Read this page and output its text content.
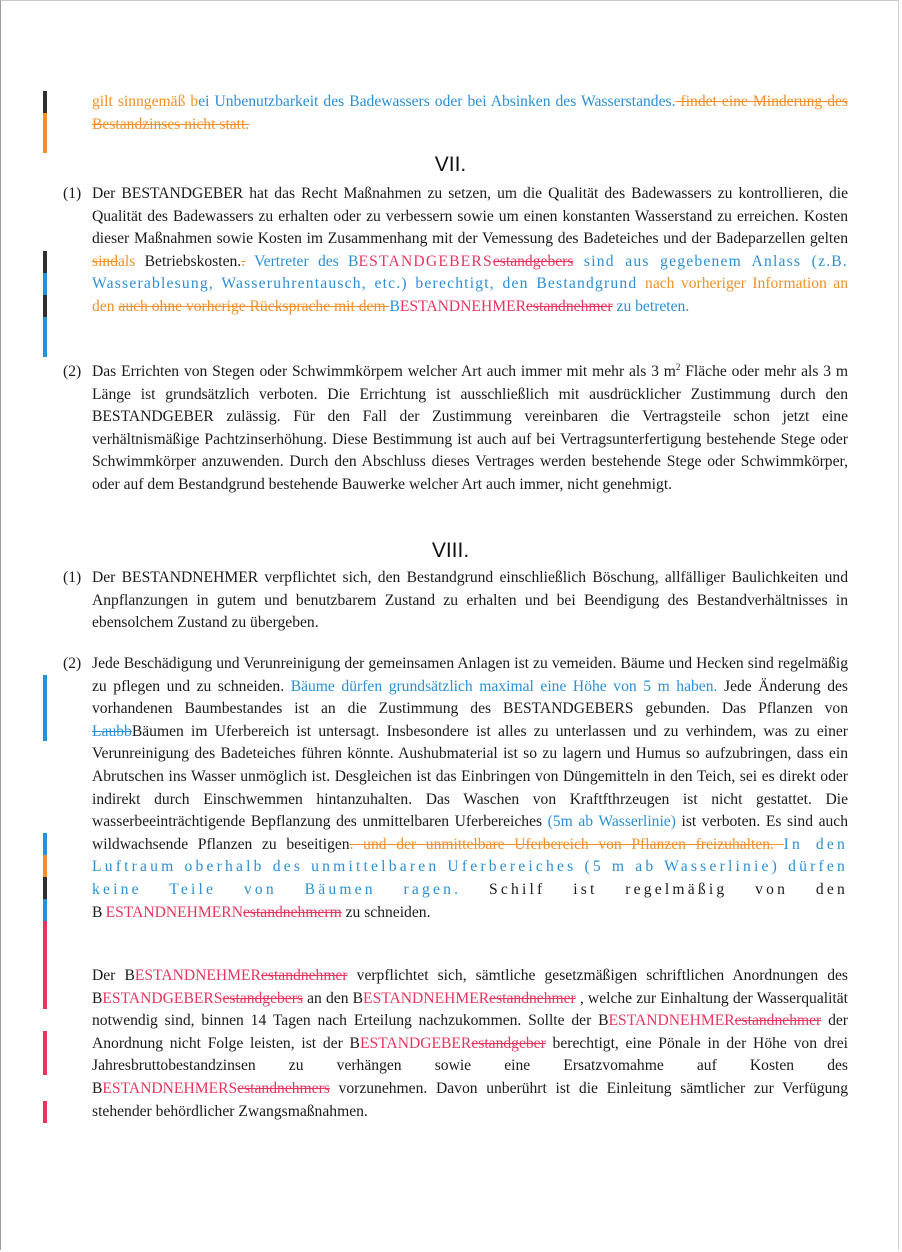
gilt sinngemäß bei Unbenutzbarkeit des Badewassers oder bei Absinken des Wasserstandes. findet eine Minderung des Bestandzinses nicht statt.
VII.
(1) Der BESTANDGEBER hat das Recht Maßnahmen zu setzen, um die Qualität des Badewassers zu kontrollieren, die Qualität des Badewassers zu erhalten oder zu verbessern sowie um einen konstanten Wasserstand zu erreichen. Kosten dieser Maßnahmen sowie Kosten im Zusammenhang mit der Vemessung des Badeteiches und der Badeparzellen gelten sindals Betriebskosten.. Vertreter des BESTANDGEBERSestandgebers sind aus gegebenem Anlass (z.B. Wasserablesung, Wasseruhrentausch, etc.) berechtigt, den Bestandgrund nach vorheriger Information an den auch ohne vorherige Rücksprache mit dem BESTANDNEHMERestandnehmer zu betreten.
(2) Das Errichten von Stegen oder Schwimmkörpem welcher Art auch immer mit mehr als 3 $m^2$ Fläche oder mehr als 3 m Länge ist grundsätzlich verboten. Die Errichtung ist ausschließlich mit ausdrücklicher Zustimmung durch den BESTANDGEBER zulässig. Für den Fall der Zustimmung vereinbaren die Vertragsteile schon jetzt eine verhältnismäßige Pachtzinserhöhung. Diese Bestimmung ist auch auf bei Vertragsunterfertigung bestehende Stege oder Schwimmkörper anzuwenden. Durch den Abschluss dieses Vertrages werden bestehende Stege oder Schwimmkörper, oder auf dem Bestandgrund bestehende Bauwerke welcher Art auch immer, nicht genehmigt.
VIII.
(1) Der BESTANDNEHMER verpflichtet sich, den Bestandgrund einschließlich Böschung, allfälliger Baulichkeiten und Anpflanzungen in gutem und benutzbarem Zustand zu erhalten und bei Beendigung des Bestandverhältnisses in ebensolchem Zustand zu übergeben.
(2) Jede Beschädigung und Verunreinigung der gemeinsamen Anlagen ist zu vemeiden. Bäume und Hecken sind regelmäßig zu pflegen und zu schneiden. Bäume dürfen grundsätzlich maximal eine Höhe von 5 m haben. Jede Änderung des vorhandenen Baumbestandes ist an die Zustimmung des BESTANDGEBERS gebunden. Das Pflanzen von LaubbBäumen im Uferbereich ist untersagt. Insbesondere ist alles zu unterlassen und zu verhindem, was zu einer Verunreinigung des Badeteiches führen könnte. Aushubmaterial ist so zu lagern und Humus so aufzubringen, dass ein Abrutschen ins Wasser unmöglich ist. Desgleichen ist das Einbringen von Düngemitteln in den Teich, sei es direkt oder indirekt durch Einschwemmen hintanzuhalten. Das Waschen von Kraftfthrzeugen ist nicht gestattet. Die wasserbeeinträchtigende Bepflanzung des unmittelbaren Uferbereiches (5m ab Wasserlinie) ist verboten. Es sind auch wildwachsende Pflanzen zu beseitigen. und der unmittelbare Uferbereich von Pflanzen freizuhalten. In den Luftraum oberhalb des unmittelbaren Uferbereiches (5 m ab Wasserlinie) dürfen keine Teile von Bäumen ragen. Schilf ist regelmäßig von den BESTANDNEHMERNestandnehmerm zu schneiden.
Der BESTANDNEHMERestandnehmer verpflichtet sich, sämtliche gesetzmäßigen schriftlichen Anordnungen des BESTANDGEBERSestandgebers an den BESTANDNEHMERestandnehmer , welche zur Einhaltung der Wasserqualität notwendig sind, binnen 14 Tagen nach Erteilung nachzukommen. Sollte der BESTANDNEHMERestandnehmer der Anordnung nicht Folge leisten, ist der BESTANDGEBERestandgeber berechtigt, eine Pönale in der Höhe von drei Jahresbruttobestandzinsen zu verhängen sowie eine Ersatzvomahme auf Kosten des BESTANDNEHMERSestandnehmers vorzunehmen. Davon unberührt ist die Einleitung sämtlicher zur Verfügung stehender behördlicher Zwangsmaßnahmen.
